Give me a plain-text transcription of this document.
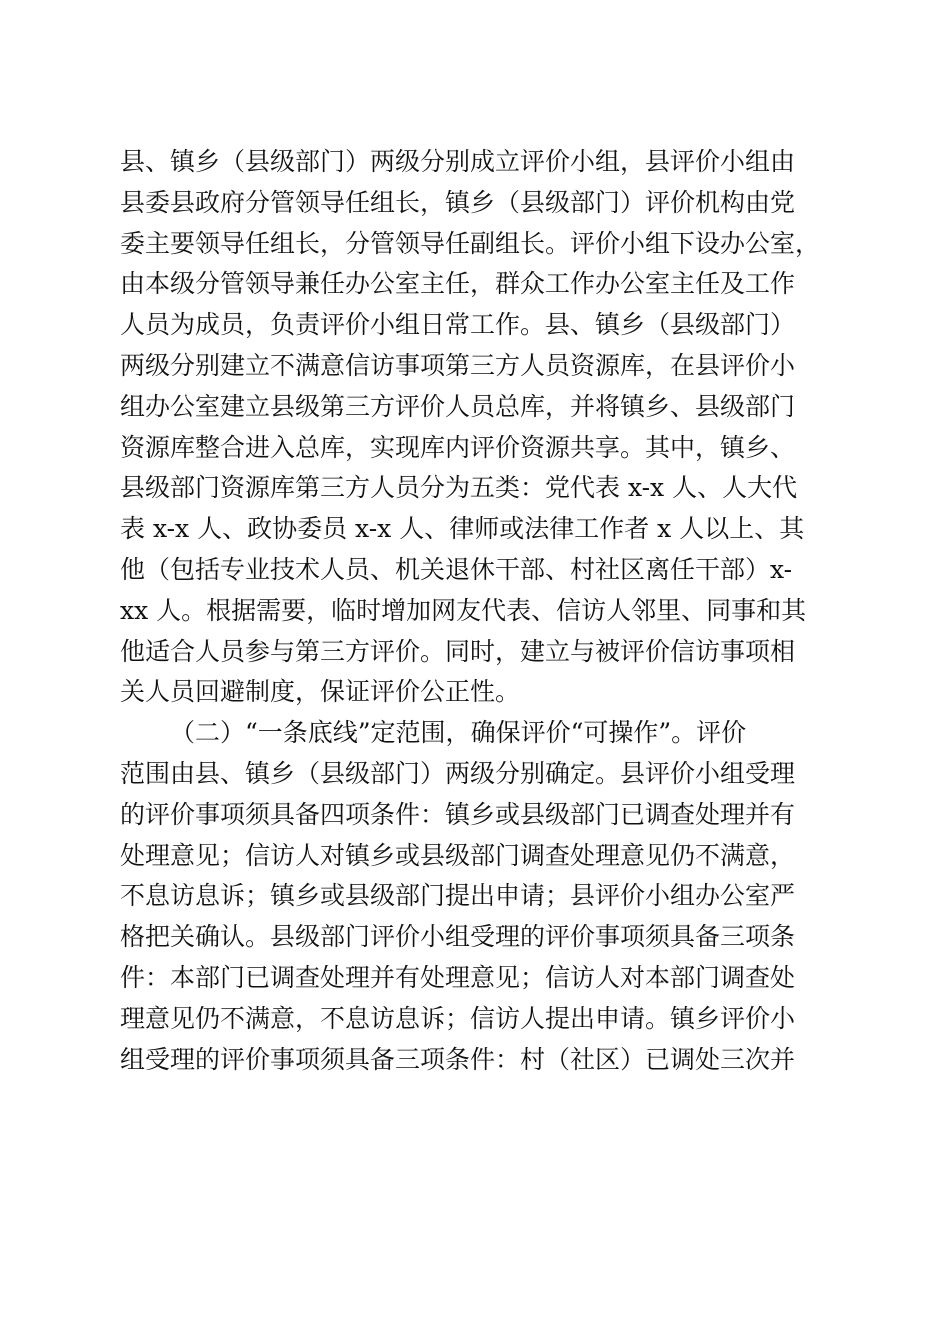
县、镇乡（县级部门）两级分别成立评价小组，县评价小组由
县委县政府分管领导任组长，镇乡（县级部门）评价机构由党
委主要领导任组长，分管领导任副组长。评价小组下设办公室，
由本级分管领导兼任办公室主任，群众工作办公室主任及工作
人员为成员，负责评价小组日常工作。县、镇乡（县级部门）
两级分别建立不满意信访事项第三方人员资源库，在县评价小
组办公室建立县级第三方评价人员总库，并将镇乡、县级部门
资源库整合进入总库，实现库内评价资源共享。其中，镇乡、
县级部门资源库第三方人员分为五类：党代表 x-x 人、人大代
表 x-x 人、政协委员 x-x 人、律师或法律工作者 x 人以上、其
他（包括专业技术人员、机关退休干部、村社区离任干部）x-
xx 人。根据需要，临时增加网友代表、信访人邻里、同事和其
他适合人员参与第三方评价。同时，建立与被评价信访事项相
关人员回避制度，保证评价公正性。
（二）“一条底线”定范围，确保评价“可操作”。评价
范围由县、镇乡（县级部门）两级分别确定。县评价小组受理
的评价事项须具备四项条件：镇乡或县级部门已调查处理并有
处理意见；信访人对镇乡或县级部门调查处理意见仍不满意，
不息访息诉；镇乡或县级部门提出申请；县评价小组办公室严
格把关确认。县级部门评价小组受理的评价事项须具备三项条
件：本部门已调查处理并有处理意见；信访人对本部门调查处
理意见仍不满意，不息访息诉；信访人提出申请。镇乡评价小
组受理的评价事项须具备三项条件：村（社区）已调处三次并
